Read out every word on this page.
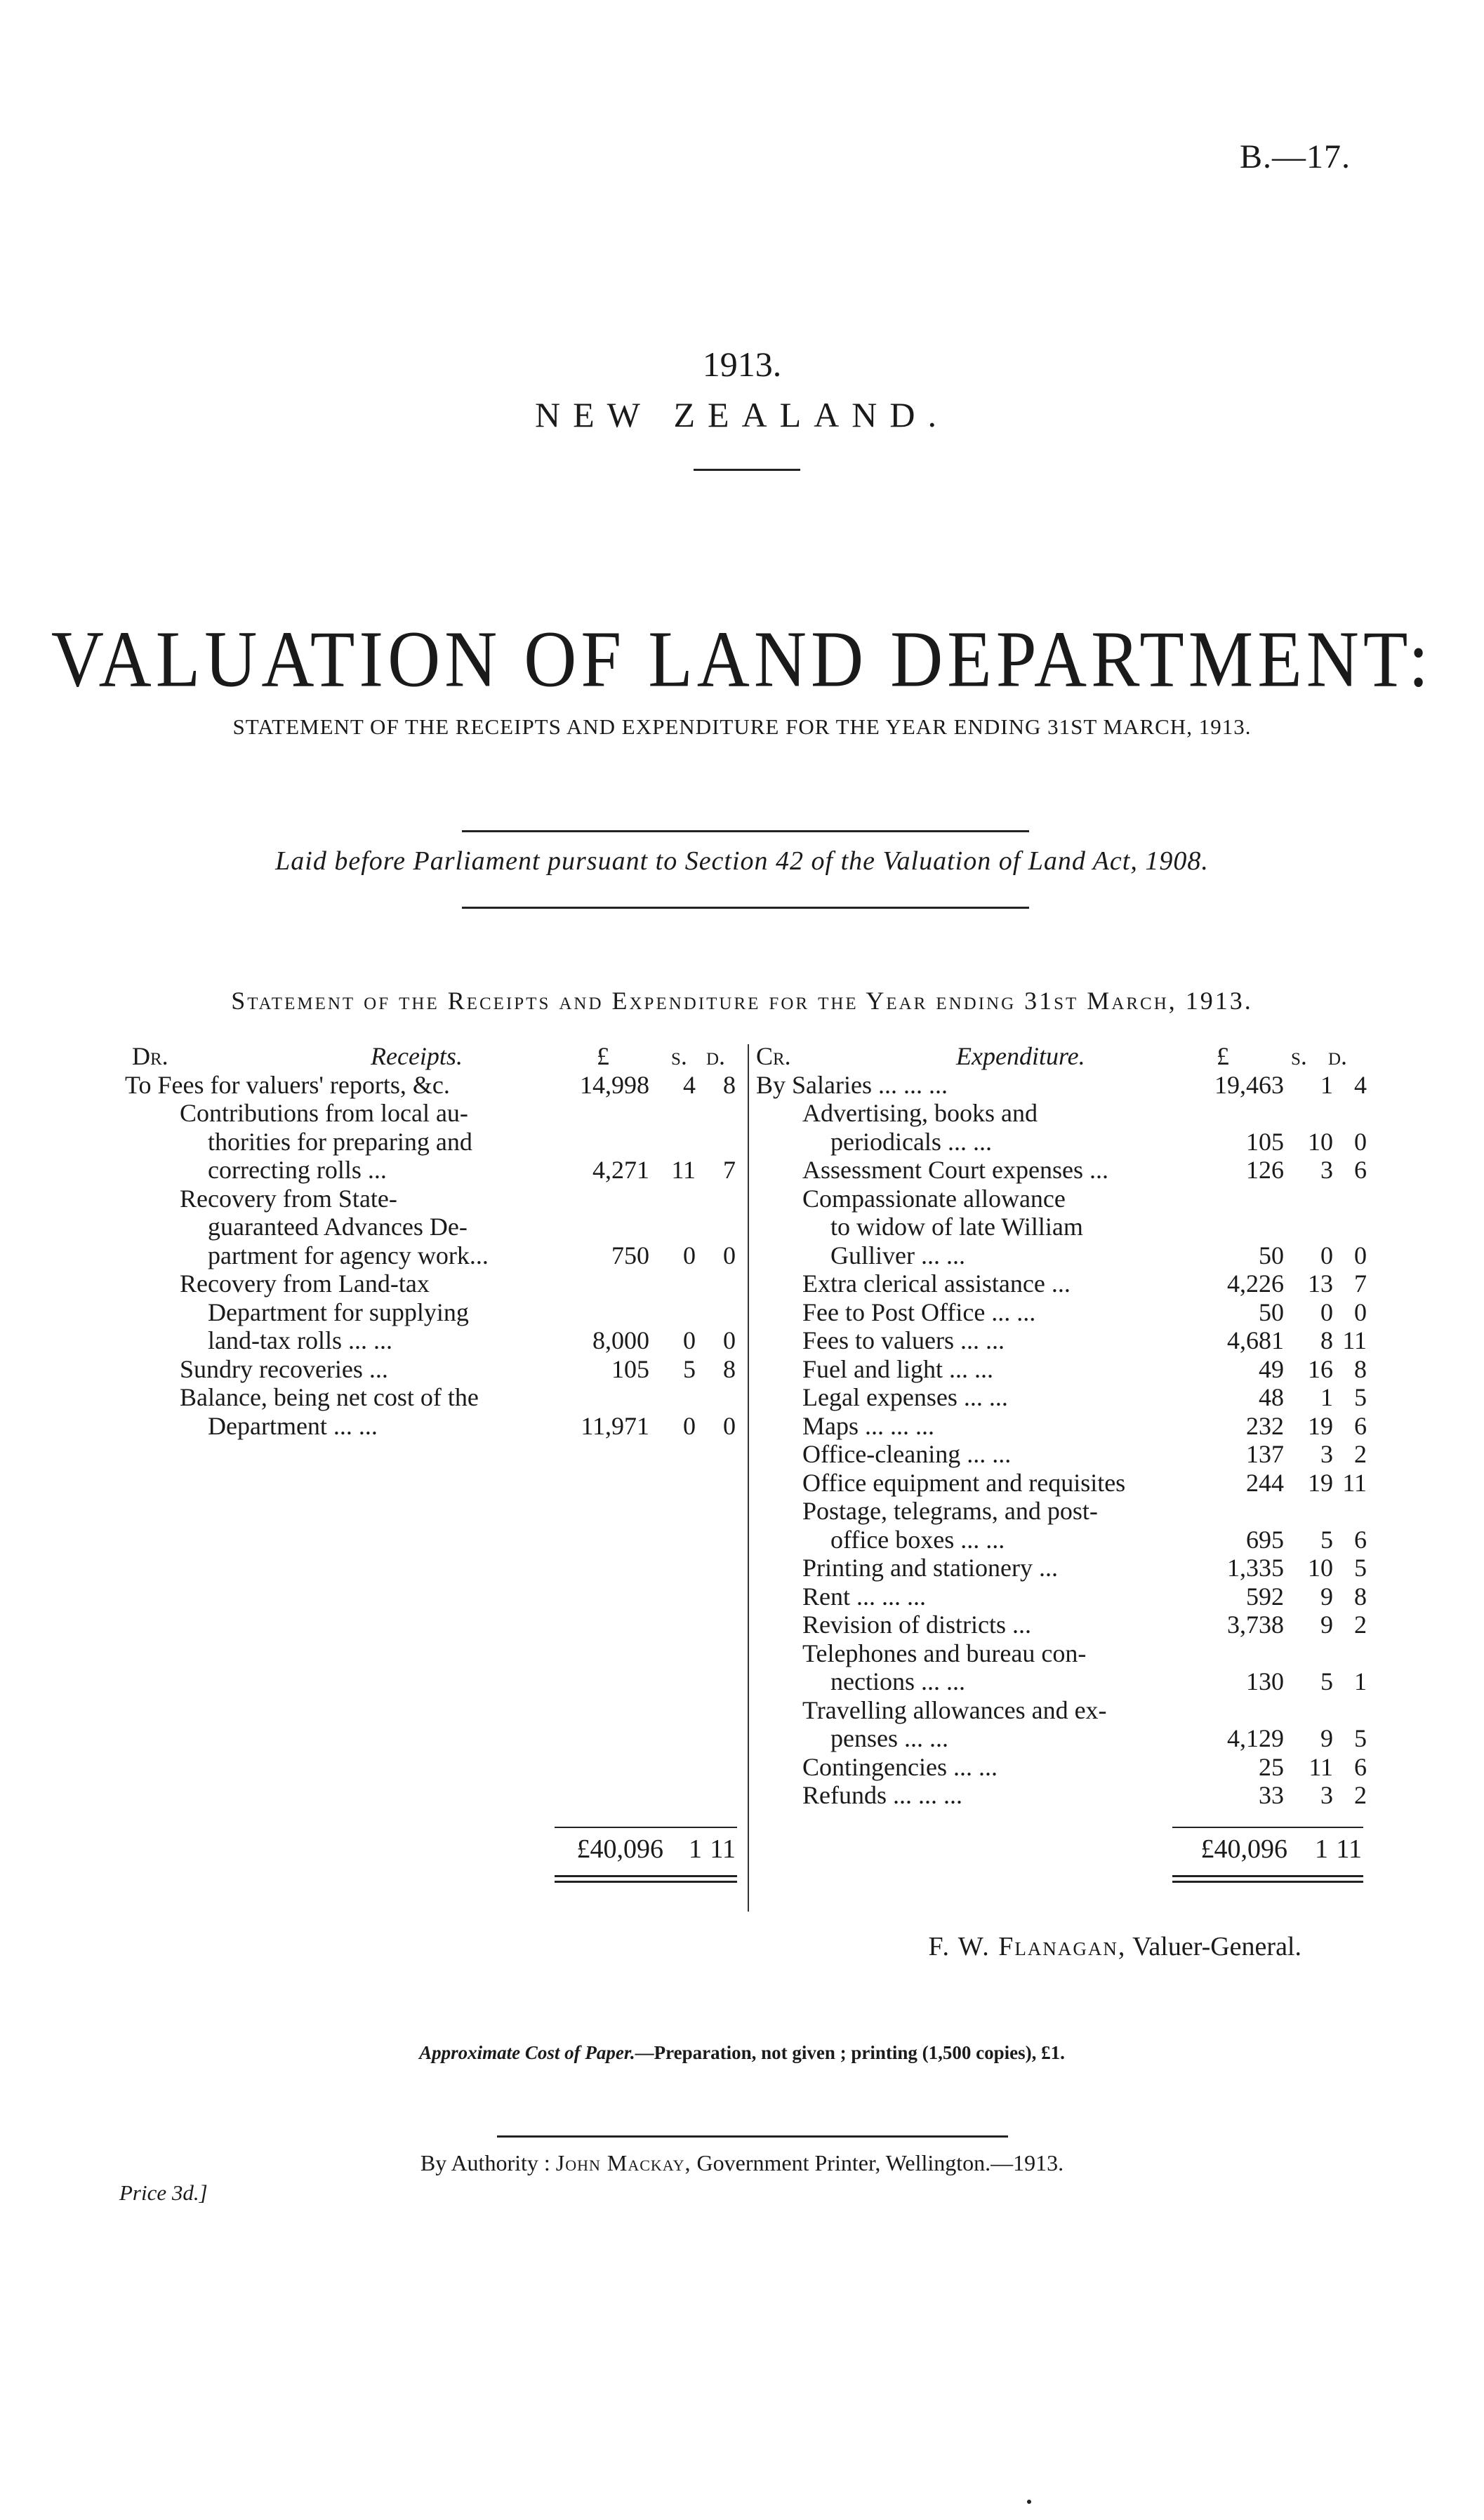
B.—17.
1913.
NEW ZEALAND.
VALUATION OF LAND DEPARTMENT:
STATEMENT OF THE RECEIPTS AND EXPENDITURE FOR THE YEAR ENDING 31ST MARCH, 1913.
Laid before Parliament pursuant to Section 42 of the Valuation of Land Act, 1908.
Statement of the Receipts and Expenditure for the Year ending 31st March, 1913.
Dr.	Receipts.	£ s. d.
To Fees for valuers' reports, &c.	14,998 4 8
Contributions from local au-
thorities for preparing and
correcting rolls ...	4,271 11 7
Recovery from State-
guaranteed Advances De-
partment for agency work...	750 0 0
Recovery from Land-tax
Department for supplying
land-tax rolls ... ...	8,000 0 0
Sundry recoveries ...	105 5 8
Balance, being net cost of the
Department ... ...	11,971 0 0
Cr.	Expenditure.	£ s. d.
By Salaries ... ... ...	19,463 1 4
Advertising, books and
periodicals ... ...	105 10 0
Assessment Court expenses ...	126 3 6
Compassionate allowance
to widow of late William
Gulliver ... ...	50 0 0
Extra clerical assistance ...	4,226 13 7
Fee to Post Office ... ...	50 0 0
Fees to valuers ... ...	4,681 8 11
Fuel and light ... ...	49 16 8
Legal expenses ... ...	48 1 5
Maps ... ... ...	232 19 6
Office-cleaning ... ...	137 3 2
Office equipment and requisites	244 19 11
Postage, telegrams, and post-
office boxes ... ...	695 5 6
Printing and stationery ...	1,335 10 5
Rent ... ... ...	592 9 8
Revision of districts ...	3,738 9 2
Telephones and bureau con-
nections ... ...	130 5 1
Travelling allowances and ex-
penses ... ...	4,129 9 5
Contingencies ... ...	25 11 6
Refunds ... ... ...	33 3 2
£40,096 1 11	£40,096 1 11
F. W. Flanagan, Valuer-General.
Approximate Cost of Paper.—Preparation, not given ; printing (1,500 copies), £1.
By Authority : John Mackay, Government Printer, Wellington.—1913.
Price 3d.]
